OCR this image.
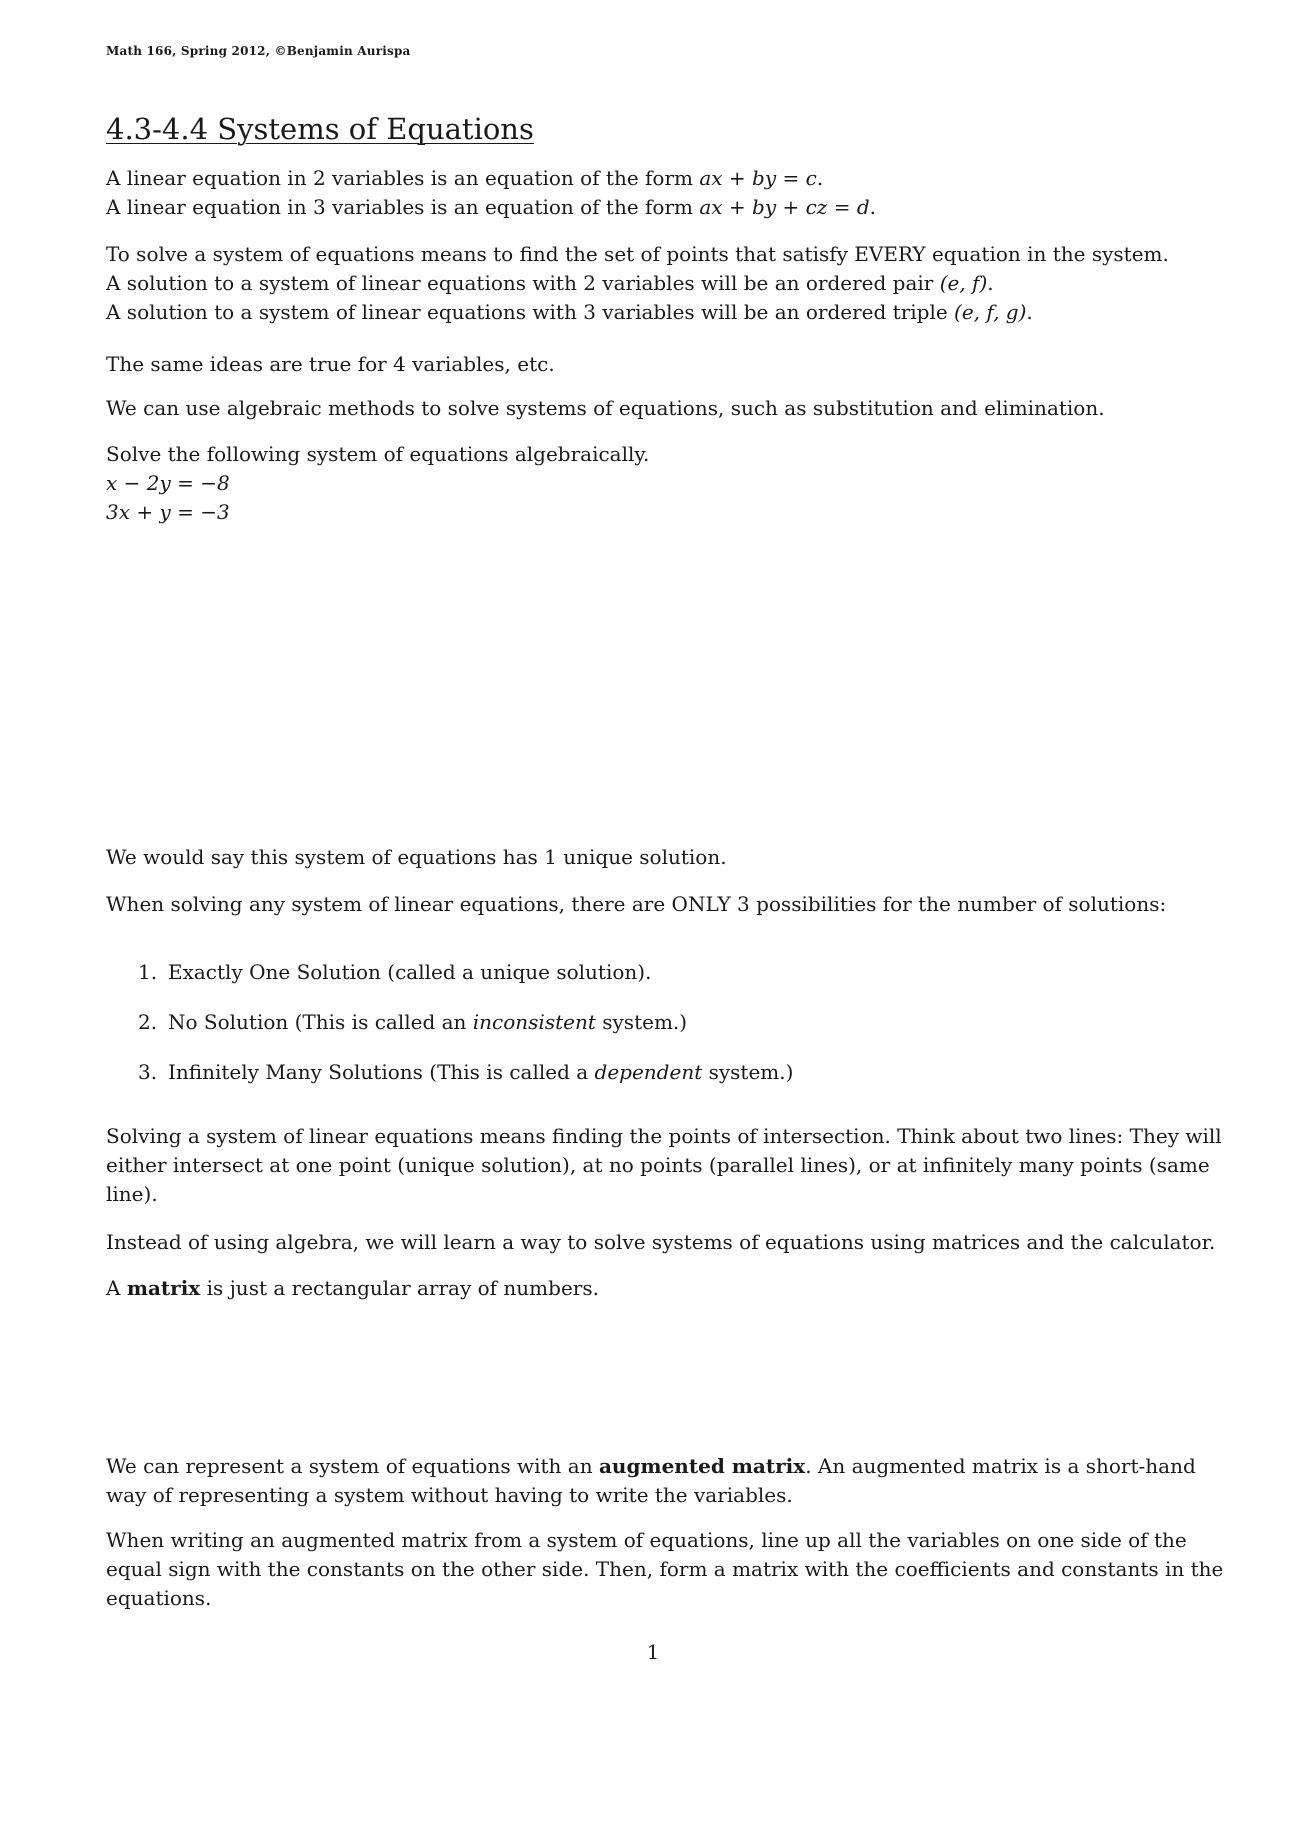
Math 166, Spring 2012, ©Benjamin Aurispa
4.3-4.4 Systems of Equations

A linear equation in 2 variables is an equation of the form ax + by = c.

A linear equation in 3 variables is an equation of the form ax + by + cz = d.

To solve a system of equations means to find the set of points that satisfy EVERY equation in the system.

A solution to a system of linear equations with 2 variables will be an ordered pair (e, f).

A solution to a system of linear equations with 3 variables will be an ordered triple (e, f, g).

The same ideas are true for 4 variables, etc.

We can use algebraic methods to solve systems of equations, such as substitution and elimination.

Solve the following system of equations algebraically.

x − 2y = −8

3x + y = −3

We would say this system of equations has 1 unique solution.

When solving any system of linear equations, there are ONLY 3 possibilities for the number of solutions:

1. Exactly One Solution (called a unique solution).
2. No Solution (This is called an inconsistent system.)
3. Infinitely Many Solutions (This is called a dependent system.)

Solving a system of linear equations means finding the points of intersection. Think about two lines: They will either intersect at one point (unique solution), at no points (parallel lines), or at infinitely many points (same line).

Instead of using algebra, we will learn a way to solve systems of equations using matrices and the calculator.

A matrix is just a rectangular array of numbers.

We can represent a system of equations with an augmented matrix. An augmented matrix is a short-hand way of representing a system without having to write the variables.

When writing an augmented matrix from a system of equations, line up all the variables on one side of the equal sign with the constants on the other side. Then, form a matrix with the coefficients and constants in the equations.

1
